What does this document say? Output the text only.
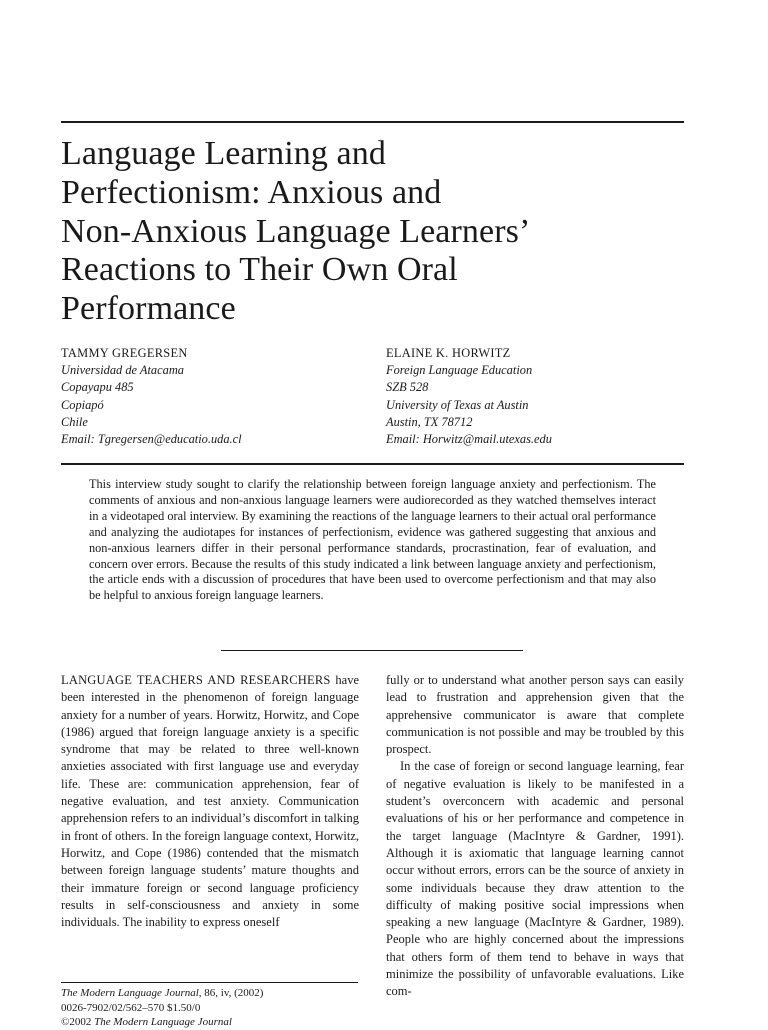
Language Learning and
Perfectionism: Anxious and
Non-Anxious Language Learners’
Reactions to Their Own Oral
Performance
TAMMY GREGERSEN
Universidad de Atacama
Copayapu 485
Copiapó
Chile
Email: Tgregersen@educatio.uda.cl
ELAINE K. HORWITZ
Foreign Language Education
SZB 528
University of Texas at Austin
Austin, TX 78712
Email: Horwitz@mail.utexas.edu

This interview study sought to clarify the relationship between foreign language anxiety and perfectionism. The comments of anxious and non-anxious language learners were audiorecorded as they watched themselves interact in a videotaped oral interview. By examining the reactions of the language learners to their actual oral performance and analyzing the audiotapes for instances of perfectionism, evidence was gathered suggesting that anxious and non-anxious learners differ in their personal performance standards, procrastination, fear of evaluation, and concern over errors. Because the results of this study indicated a link between language anxiety and perfectionism, the article ends with a discussion of procedures that have been used to overcome perfectionism and that may also be helpful to anxious foreign language learners.

LANGUAGE TEACHERS AND RESEARCHERS have been interested in the phenomenon of foreign language anxiety for a number of years. Horwitz, Horwitz, and Cope (1986) argued that foreign language anxiety is a specific syndrome that may be related to three well-known anxieties associated with first language use and everyday life. These are: communication apprehension, fear of negative evaluation, and test anxiety. Communication apprehension refers to an individual’s discomfort in talking in front of others. In the foreign language context, Horwitz, Horwitz, and Cope (1986) contended that the mismatch between foreign language students’ mature thoughts and their immature foreign or second language proficiency results in self-consciousness and anxiety in some individuals. The inability to express oneself

fully or to understand what another person says can easily lead to frustration and apprehension given that the apprehensive communicator is aware that complete communication is not possible and may be troubled by this prospect.

In the case of foreign or second language learning, fear of negative evaluation is likely to be manifested in a student’s overconcern with academic and personal evaluations of his or her performance and competence in the target language (MacIntyre & Gardner, 1991). Although it is axiomatic that language learning cannot occur without errors, errors can be the source of anxiety in some individuals because they draw attention to the difficulty of making positive social impressions when speaking a new language (MacIntyre & Gardner, 1989). People who are highly concerned about the impressions that others form of them tend to behave in ways that minimize the possibility of unfavorable evaluations. Like com-

The Modern Language Journal, 86, iv, (2002)
0026-7902/02/562–570 $1.50/0
©2002 The Modern Language Journal
